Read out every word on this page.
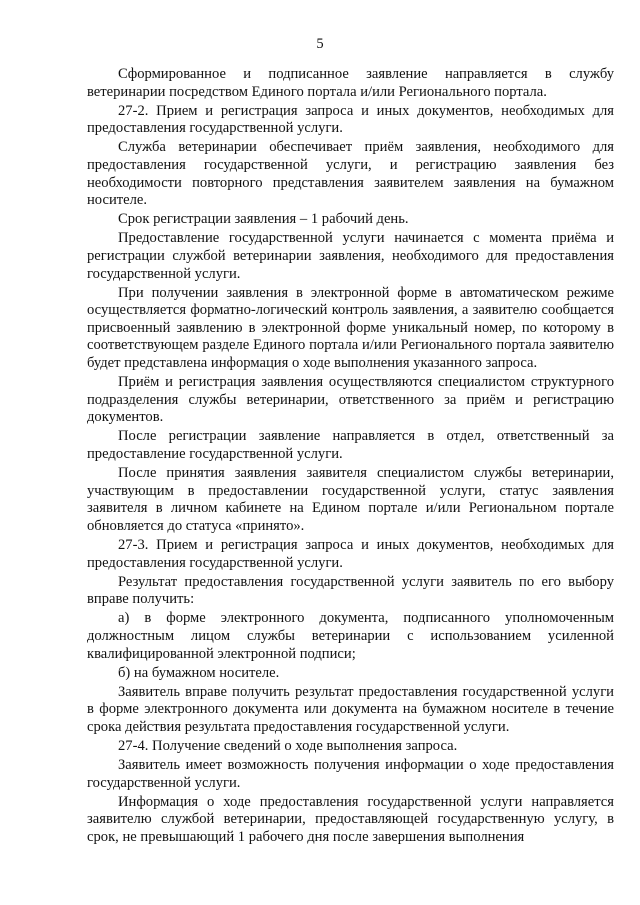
5

Сформированное и подписанное заявление направляется в службу ветеринарии посредством Единого портала и/или Регионального портала.

27-2. Прием и регистрация запроса и иных документов, необходимых для предоставления государственной услуги.

Служба ветеринарии обеспечивает приём заявления, необходимого для предоставления государственной услуги, и регистрацию заявления без необходимости повторного представления заявителем заявления на бумажном носителе.

Срок регистрации заявления – 1 рабочий день.

Предоставление государственной услуги начинается с момента приёма и регистрации службой ветеринарии заявления, необходимого для предоставления государственной услуги.

При получении заявления в электронной форме в автоматическом режиме осуществляется форматно-логический контроль заявления, а заявителю сообщается присвоенный заявлению в электронной форме уникальный номер, по которому в соответствующем разделе Единого портала и/или Регионального портала заявителю будет представлена информация о ходе выполнения указанного запроса.

Приём и регистрация заявления осуществляются специалистом структурного подразделения службы ветеринарии, ответственного за приём и регистрацию документов.

После регистрации заявление направляется в отдел, ответственный за предоставление государственной услуги.

После принятия заявления заявителя специалистом службы ветеринарии, участвующим в предоставлении государственной услуги, статус заявления заявителя в личном кабинете на Едином портале и/или Региональном портале обновляется до статуса «принято».

27-3. Прием и регистрация запроса и иных документов, необходимых для предоставления государственной услуги.

Результат предоставления государственной услуги заявитель по его выбору вправе получить:

а) в форме электронного документа, подписанного уполномоченным должностным лицом службы ветеринарии с использованием усиленной квалифицированной электронной подписи;

б) на бумажном носителе.

Заявитель вправе получить результат предоставления государственной услуги в форме электронного документа или документа на бумажном носителе в течение срока действия результата предоставления государственной услуги.

27-4. Получение сведений о ходе выполнения запроса.

Заявитель имеет возможность получения информации о ходе предоставления государственной услуги.

Информация о ходе предоставления государственной услуги направляется заявителю службой ветеринарии, предоставляющей государственную услугу, в срок, не превышающий 1 рабочего дня после завершения выполнения
